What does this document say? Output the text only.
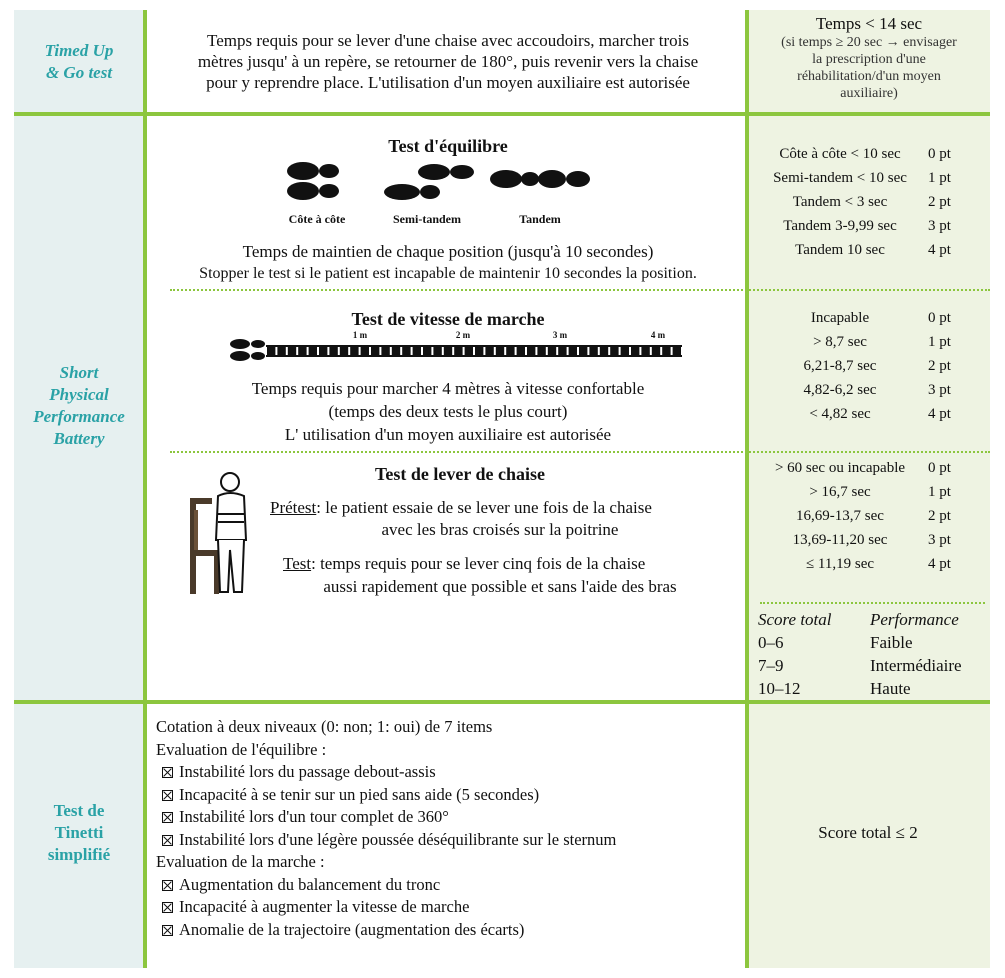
Timed Up
& Go test
Temps requis pour se lever d'une chaise avec accoudoirs, marcher trois
mètres jusqu' à un repère, se retourner de 180°, puis revenir vers la chaise
pour y reprendre place. L'utilisation d'un moyen auxiliaire est autorisée
Temps < 14 sec
(si temps ≥ 20 sec → envisager
la prescription d'une
réhabilitation/d'un moyen
auxiliaire)
Short
Physical
Performance
Battery
Test d'équilibre
Côte à côte	Semi-tandem	Tandem
Temps de maintien de chaque position (jusqu'à 10 secondes)
Stopper le test si le patient est incapable de maintenir 10 secondes la position.
Côte à côte < 10 sec	0 pt
Semi-tandem < 10 sec	1 pt
Tandem < 3 sec	2 pt
Tandem 3-9,99 sec	3 pt
Tandem 10 sec	4 pt
Test de vitesse de marche
1 m	2 m	3 m	4 m
Temps requis pour marcher 4 mètres à vitesse confortable
(temps des deux tests le plus court)
L' utilisation d'un moyen auxiliaire est autorisée
Incapable	0 pt
> 8,7 sec	1 pt
6,21-8,7 sec	2 pt
4,82-6,2 sec	3 pt
< 4,82 sec	4 pt
Test de lever de chaise
Prétest: le patient essaie de se lever une fois de la chaise
avec les bras croisés sur la poitrine
Test: temps requis pour se lever cinq fois de la chaise
aussi rapidement que possible et sans l'aide des bras
> 60 sec ou incapable	0 pt
> 16,7 sec	1 pt
16,69-13,7 sec	2 pt
13,69-11,20 sec	3 pt
≤ 11,19 sec	4 pt
Score total	Performance
0–6	Faible
7–9	Intermédiaire
10–12	Haute
Test de
Tinetti
simplifié
Cotation à deux niveaux (0: non; 1: oui) de 7 items
Evaluation de l'équilibre :
Instabilité lors du passage debout-assis
Incapacité à se tenir sur un pied sans aide (5 secondes)
Instabilité lors d'un tour complet de 360°
Instabilité lors d'une légère poussée déséquilibrante sur le sternum
Evaluation de la marche :
Augmentation du balancement du tronc
Incapacité à augmenter la vitesse de marche
Anomalie de la trajectoire (augmentation des écarts)
Score total ≤ 2
